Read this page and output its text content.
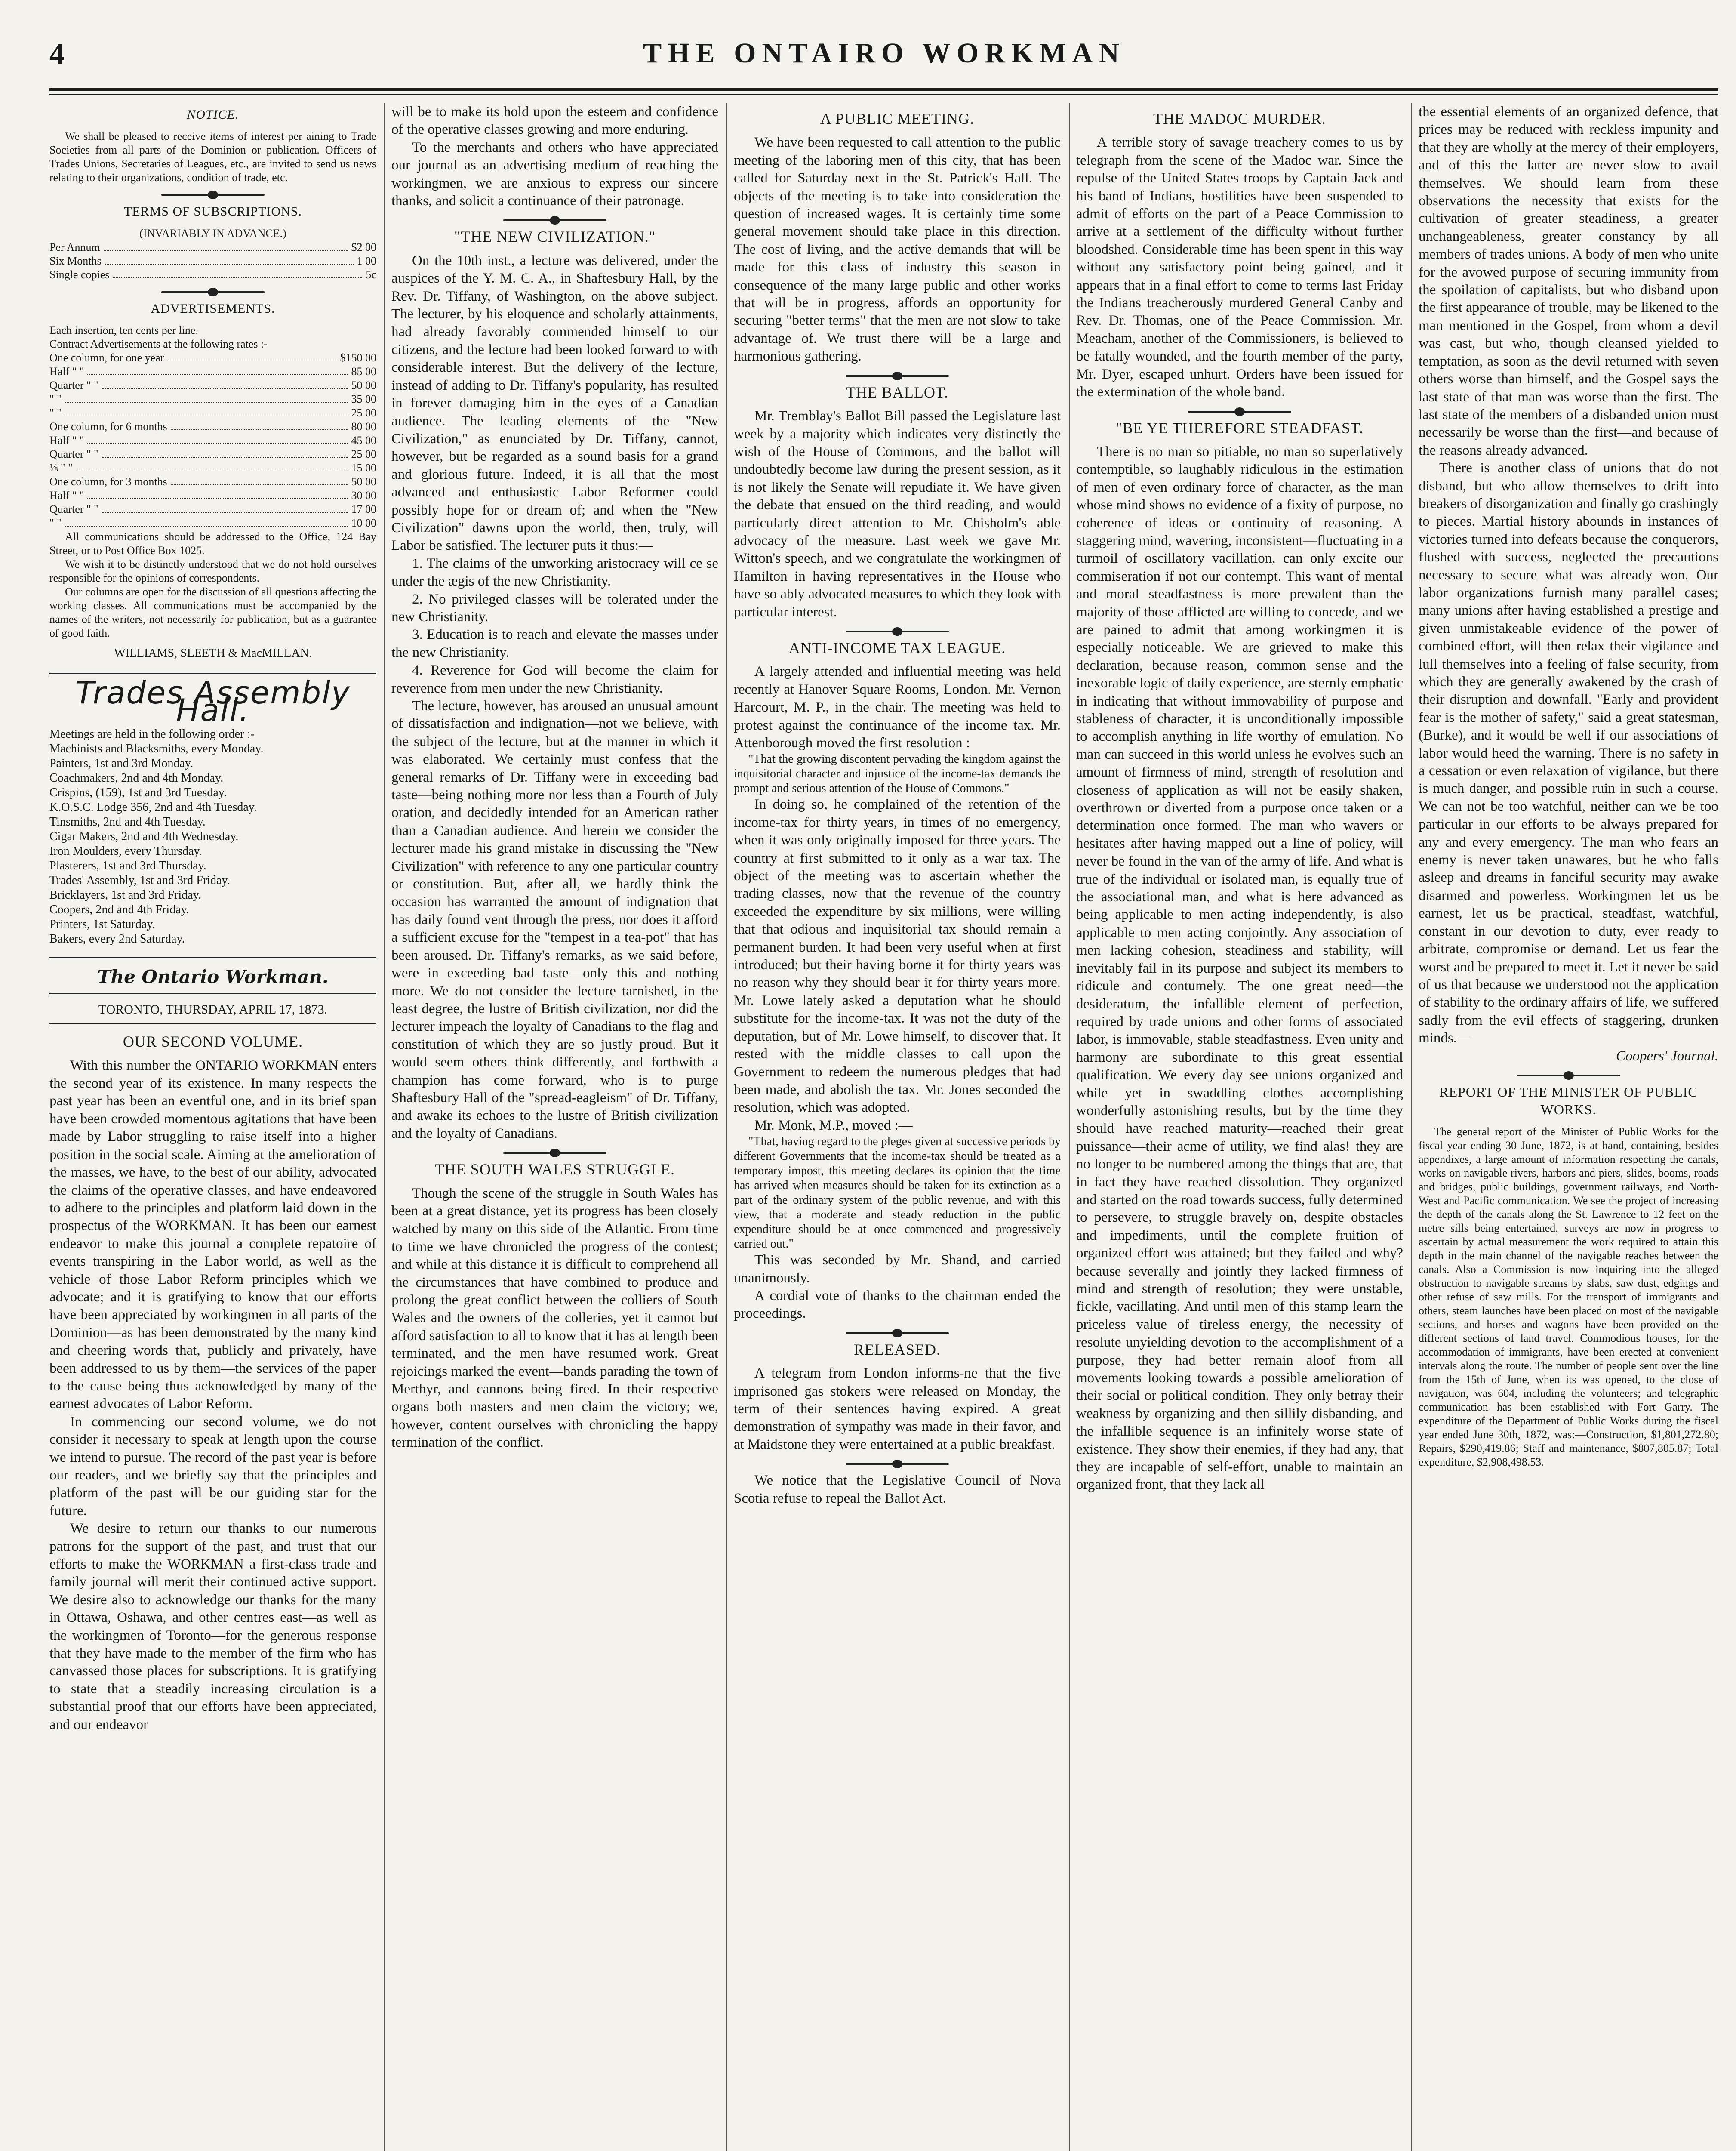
4	THE ONTAIRO WORKMAN
NOTICE.

We shall be pleased to receive items of interest per aining to Trade Societies from all parts of the Dominion or publication. Officers of Trades Unions, Secretaries of Leagues, etc., are invited to send us news relating to their organizations, condition of trade, etc.

TERMS OF SUBSCRIPTIONS.
(INVARIABLY IN ADVANCE.)
Per Annum	$2 00
Six Months	1 00
Single copies	5c
ADVERTISEMENTS.
Each insertion, ten cents per line.
Contract Advertisements at the following rates :-
One column, for one year	$150 00
Half " "	85 00
Quarter " "	50 00
" "	35 00
" "	25 00
One column, for 6 months	80 00
Half " "	45 00
Quarter " "	25 00
⅛ " "	15 00
One column, for 3 months	50 00
Half " "	30 00
Quarter " "	17 00
" "	10 00

All communications should be addressed to the Office, 124 Bay Street, or to Post Office Box 1025.

We wish it to be distinctly understood that we do not hold ourselves responsible for the opinions of correspondents.

Our columns are open for the discussion of all questions affecting the working classes. All communications must be accompanied by the names of the writers, not necessarily for publication, but as a guarantee of good faith.

WILLIAMS, SLEETH & MacMILLAN.
Trades Assembly Hall.
Meetings are held in the following order :-
Machinists and Blacksmiths, every Monday.
Painters, 1st and 3rd Monday.
Coachmakers, 2nd and 4th Monday.
Crispins, (159), 1st and 3rd Tuesday.
K.O.S.C. Lodge 356, 2nd and 4th Tuesday.
Tinsmiths, 2nd and 4th Tuesday.
Cigar Makers, 2nd and 4th Wednesday.
Iron Moulders, every Thursday.
Plasterers, 1st and 3rd Thursday.
Trades' Assembly, 1st and 3rd Friday.
Bricklayers, 1st and 3rd Friday.
Coopers, 2nd and 4th Friday.
Printers, 1st Saturday.
Bakers, every 2nd Saturday.
The Ontario Workman.
TORONTO, THURSDAY, APRIL 17, 1873.
OUR SECOND VOLUME.

With this number the ONTARIO WORKMAN enters the second year of its existence. In many respects the past year has been an eventful one, and in its brief span have been crowded momentous agitations that have been made by Labor struggling to raise itself into a higher position in the social scale. Aiming at the amelioration of the masses, we have, to the best of our ability, advocated the claims of the operative classes, and have endeavored to adhere to the principles and platform laid down in the prospectus of the WORKMAN. It has been our earnest endeavor to make this journal a complete repatoire of events transpiring in the Labor world, as well as the vehicle of those Labor Reform principles which we advocate; and it is gratifying to know that our efforts have been appreciated by workingmen in all parts of the Dominion—as has been demonstrated by the many kind and cheering words that, publicly and privately, have been addressed to us by them—the services of the paper to the cause being thus acknowledged by many of the earnest advocates of Labor Reform.

In commencing our second volume, we do not consider it necessary to speak at length upon the course we intend to pursue. The record of the past year is before our readers, and we briefly say that the principles and platform of the past will be our guiding star for the future.

We desire to return our thanks to our numerous patrons for the support of the past, and trust that our efforts to make the WORKMAN a first-class trade and family journal will merit their continued active support. We desire also to acknowledge our thanks for the many in Ottawa, Oshawa, and other centres east—as well as the workingmen of Toronto—for the generous response that they have made to the member of the firm who has canvassed those places for subscriptions. It is gratifying to state that a steadily increasing circulation is a substantial proof that our efforts have been appreciated, and our endeavor

will be to make its hold upon the esteem and confidence of the operative classes growing and more enduring.

To the merchants and others who have appreciated our journal as an advertising medium of reaching the workingmen, we are anxious to express our sincere thanks, and solicit a continuance of their patronage.

"THE NEW CIVILIZATION."

On the 10th inst., a lecture was delivered, under the auspices of the Y. M. C. A., in Shaftesbury Hall, by the Rev. Dr. Tiffany, of Washington, on the above subject. The lecturer, by his eloquence and scholarly attainments, had already favorably commended himself to our citizens, and the lecture had been looked forward to with considerable interest. But the delivery of the lecture, instead of adding to Dr. Tiffany's popularity, has resulted in forever damaging him in the eyes of a Canadian audience. The leading elements of the "New Civilization," as enunciated by Dr. Tiffany, cannot, however, but be regarded as a sound basis for a grand and glorious future. Indeed, it is all that the most advanced and enthusiastic Labor Reformer could possibly hope for or dream of; and when the "New Civilization" dawns upon the world, then, truly, will Labor be satisfied. The lecturer puts it thus:—

1. The claims of the unworking aristocracy will ce se under the ægis of the new Christianity.

2. No privileged classes will be tolerated under the new Christianity.

3. Education is to reach and elevate the masses under the new Christianity.

4. Reverence for God will become the claim for reverence from men under the new Christianity.

The lecture, however, has aroused an unusual amount of dissatisfaction and indignation—not we believe, with the subject of the lecture, but at the manner in which it was elaborated. We certainly must confess that the general remarks of Dr. Tiffany were in exceeding bad taste—being nothing more nor less than a Fourth of July oration, and decidedly intended for an American rather than a Canadian audience. And herein we consider the lecturer made his grand mistake in discussing the "New Civilization" with reference to any one particular country or constitution. But, after all, we hardly think the occasion has warranted the amount of indignation that has daily found vent through the press, nor does it afford a sufficient excuse for the "tempest in a tea-pot" that has been aroused. Dr. Tiffany's remarks, as we said before, were in exceeding bad taste—only this and nothing more. We do not consider the lecture tarnished, in the least degree, the lustre of British civilization, nor did the lecturer impeach the loyalty of Canadians to the flag and constitution of which they are so justly proud. But it would seem others think differently, and forthwith a champion has come forward, who is to purge Shaftesbury Hall of the "spread-eagleism" of Dr. Tiffany, and awake its echoes to the lustre of British civilization and the loyalty of Canadians.

THE SOUTH WALES STRUGGLE.

Though the scene of the struggle in South Wales has been at a great distance, yet its progress has been closely watched by many on this side of the Atlantic. From time to time we have chronicled the progress of the contest; and while at this distance it is difficult to comprehend all the circumstances that have combined to produce and prolong the great conflict between the colliers of South Wales and the owners of the colleries, yet it cannot but afford satisfaction to all to know that it has at length been terminated, and the men have resumed work. Great rejoicings marked the event—bands parading the town of Merthyr, and cannons being fired. In their respective organs both masters and men claim the victory; we, however, content ourselves with chronicling the happy termination of the conflict.

A PUBLIC MEETING.

We have been requested to call attention to the public meeting of the laboring men of this city, that has been called for Saturday next in the St. Patrick's Hall. The objects of the meeting is to take into consideration the question of increased wages. It is certainly time some general movement should take place in this direction. The cost of living, and the active demands that will be made for this class of industry this season in consequence of the many large public and other works that will be in progress, affords an opportunity for securing "better terms" that the men are not slow to take advantage of. We trust there will be a large and harmonious gathering.

THE BALLOT.

Mr. Tremblay's Ballot Bill passed the Legislature last week by a majority which indicates very distinctly the wish of the House of Commons, and the ballot will undoubtedly become law during the present session, as it is not likely the Senate will repudiate it. We have given the debate that ensued on the third reading, and would particularly direct attention to Mr. Chisholm's able advocacy of the measure. Last week we gave Mr. Witton's speech, and we congratulate the workingmen of Hamilton in having representatives in the House who have so ably advocated measures to which they look with particular interest.

ANTI-INCOME TAX LEAGUE.

A largely attended and influential meeting was held recently at Hanover Square Rooms, London. Mr. Vernon Harcourt, M. P., in the chair. The meeting was held to protest against the continuance of the income tax. Mr. Attenborough moved the first resolution :

"That the growing discontent pervading the kingdom against the inquisitorial character and injustice of the income-tax demands the prompt and serious attention of the House of Commons."

In doing so, he complained of the retention of the income-tax for thirty years, in times of no emergency, when it was only originally imposed for three years. The country at first submitted to it only as a war tax. The object of the meeting was to ascertain whether the trading classes, now that the revenue of the country exceeded the expenditure by six millions, were willing that that odious and inquisitorial tax should remain a permanent burden. It had been very useful when at first introduced; but their having borne it for thirty years was no reason why they should bear it for thirty years more. Mr. Lowe lately asked a deputation what he should substitute for the income-tax. It was not the duty of the deputation, but of Mr. Lowe himself, to discover that. It rested with the middle classes to call upon the Government to redeem the numerous pledges that had been made, and abolish the tax. Mr. Jones seconded the resolution, which was adopted.

Mr. Monk, M.P., moved :—

"That, having regard to the pleges given at successive periods by different Governments that the income-tax should be treated as a temporary impost, this meeting declares its opinion that the time has arrived when measures should be taken for its extinction as a part of the ordinary system of the public revenue, and with this view, that a moderate and steady reduction in the public expenditure should be at once commenced and progressively carried out."

This was seconded by Mr. Shand, and carried unanimously.

A cordial vote of thanks to the chairman ended the proceedings.

RELEASED.

A telegram from London informs-ne that the five imprisoned gas stokers were released on Monday, the term of their sentences having expired. A great demonstration of sympathy was made in their favor, and at Maidstone they were entertained at a public breakfast.

We notice that the Legislative Council of Nova Scotia refuse to repeal the Ballot Act.

THE MADOC MURDER.

A terrible story of savage treachery comes to us by telegraph from the scene of the Madoc war. Since the repulse of the United States troops by Captain Jack and his band of Indians, hostilities have been suspended to admit of efforts on the part of a Peace Commission to arrive at a settlement of the difficulty without further bloodshed. Considerable time has been spent in this way without any satisfactory point being gained, and it appears that in a final effort to come to terms last Friday the Indians treacherously murdered General Canby and Rev. Dr. Thomas, one of the Peace Commission. Mr. Meacham, another of the Commissioners, is believed to be fatally wounded, and the fourth member of the party, Mr. Dyer, escaped unhurt. Orders have been issued for the extermination of the whole band.

"BE YE THEREFORE STEADFAST.

There is no man so pitiable, no man so superlatively contemptible, so laughably ridiculous in the estimation of men of even ordinary force of character, as the man whose mind shows no evidence of a fixity of purpose, no coherence of ideas or continuity of reasoning. A staggering mind, wavering, inconsistent—fluctuating in a turmoil of oscillatory vacillation, can only excite our commiseration if not our contempt. This want of mental and moral steadfastness is more prevalent than the majority of those afflicted are willing to concede, and we are pained to admit that among workingmen it is especially noticeable. We are grieved to make this declaration, because reason, common sense and the inexorable logic of daily experience, are sternly emphatic in indicating that without immovability of purpose and stableness of character, it is unconditionally impossible to accomplish anything in life worthy of emulation. No man can succeed in this world unless he evolves such an amount of firmness of mind, strength of resolution and closeness of application as will not be easily shaken, overthrown or diverted from a purpose once taken or a determination once formed. The man who wavers or hesitates after having mapped out a line of policy, will never be found in the van of the army of life. And what is true of the individual or isolated man, is equally true of the associational man, and what is here advanced as being applicable to men acting independently, is also applicable to men acting conjointly. Any association of men lacking cohesion, steadiness and stability, will inevitably fail in its purpose and subject its members to ridicule and contumely. The one great need—the desideratum, the infallible element of perfection, required by trade unions and other forms of associated labor, is immovable, stable steadfastness. Even unity and harmony are subordinate to this great essential qualification. We every day see unions organized and while yet in swaddling clothes accomplishing wonderfully astonishing results, but by the time they should have reached maturity—reached their great puissance—their acme of utility, we find alas! they are no longer to be numbered among the things that are, that in fact they have reached dissolution. They organized and started on the road towards success, fully determined to persevere, to struggle bravely on, despite obstacles and impediments, until the complete fruition of organized effort was attained; but they failed and why? because severally and jointly they lacked firmness of mind and strength of resolution; they were unstable, fickle, vacillating. And until men of this stamp learn the priceless value of tireless energy, the necessity of resolute unyielding devotion to the accomplishment of a purpose, they had better remain aloof from all movements looking towards a possible amelioration of their social or political condition. They only betray their weakness by organizing and then sillily disbanding, and the infallible sequence is an infinitely worse state of existence. They show their enemies, if they had any, that they are incapable of self-effort, unable to maintain an organized front, that they lack all

the essential elements of an organized defence, that prices may be reduced with reckless impunity and that they are wholly at the mercy of their employers, and of this the latter are never slow to avail themselves. We should learn from these observations the necessity that exists for the cultivation of greater steadiness, a greater unchangeableness, greater constancy by all members of trades unions. A body of men who unite for the avowed purpose of securing immunity from the spoilation of capitalists, but who disband upon the first appearance of trouble, may be likened to the man mentioned in the Gospel, from whom a devil was cast, but who, though cleansed yielded to temptation, as soon as the devil returned with seven others worse than himself, and the Gospel says the last state of that man was worse than the first. The last state of the members of a disbanded union must necessarily be worse than the first—and because of the reasons already advanced.

There is another class of unions that do not disband, but who allow themselves to drift into breakers of disorganization and finally go crashingly to pieces. Martial history abounds in instances of victories turned into defeats because the conquerors, flushed with success, neglected the precautions necessary to secure what was already won. Our labor organizations furnish many parallel cases; many unions after having established a prestige and given unmistakeable evidence of the power of combined effort, will then relax their vigilance and lull themselves into a feeling of false security, from which they are generally awakened by the crash of their disruption and downfall. "Early and provident fear is the mother of safety," said a great statesman, (Burke), and it would be well if our associations of labor would heed the warning. There is no safety in a cessation or even relaxation of vigilance, but there is much danger, and possible ruin in such a course. We can not be too watchful, neither can we be too particular in our efforts to be always prepared for any and every emergency. The man who fears an enemy is never taken unawares, but he who falls asleep and dreams in fanciful security may awake disarmed and powerless. Workingmen let us be earnest, let us be practical, steadfast, watchful, constant in our devotion to duty, ever ready to arbitrate, compromise or demand. Let us fear the worst and be prepared to meet it. Let it never be said of us that because we understood not the application of stability to the ordinary affairs of life, we suffered sadly from the evil effects of staggering, drunken minds.—

Coopers' Journal.
REPORT OF THE MINISTER OF PUBLIC WORKS.

The general report of the Minister of Public Works for the fiscal year ending 30 June, 1872, is at hand, containing, besides appendixes, a large amount of information respecting the canals, works on navigable rivers, harbors and piers, slides, booms, roads and bridges, public buildings, government railways, and North-West and Pacific communication. We see the project of increasing the depth of the canals along the St. Lawrence to 12 feet on the metre sills being entertained, surveys are now in progress to ascertain by actual measurement the work required to attain this depth in the main channel of the navigable reaches between the canals. Also a Commission is now inquiring into the alleged obstruction to navigable streams by slabs, saw dust, edgings and other refuse of saw mills. For the transport of immigrants and others, steam launches have been placed on most of the navigable sections, and horses and wagons have been provided on the different sections of land travel. Commodious houses, for the accommodation of immigrants, have been erected at convenient intervals along the route. The number of people sent over the line from the 15th of June, when its was opened, to the close of navigation, was 604, including the volunteers; and telegraphic communication has been established with Fort Garry. The expenditure of the Department of Public Works during the fiscal year ended June 30th, 1872, was:—Construction, $1,801,272.80; Repairs, $290,419.86; Staff and maintenance, $807,805.87; Total expenditure, $2,908,498.53.
